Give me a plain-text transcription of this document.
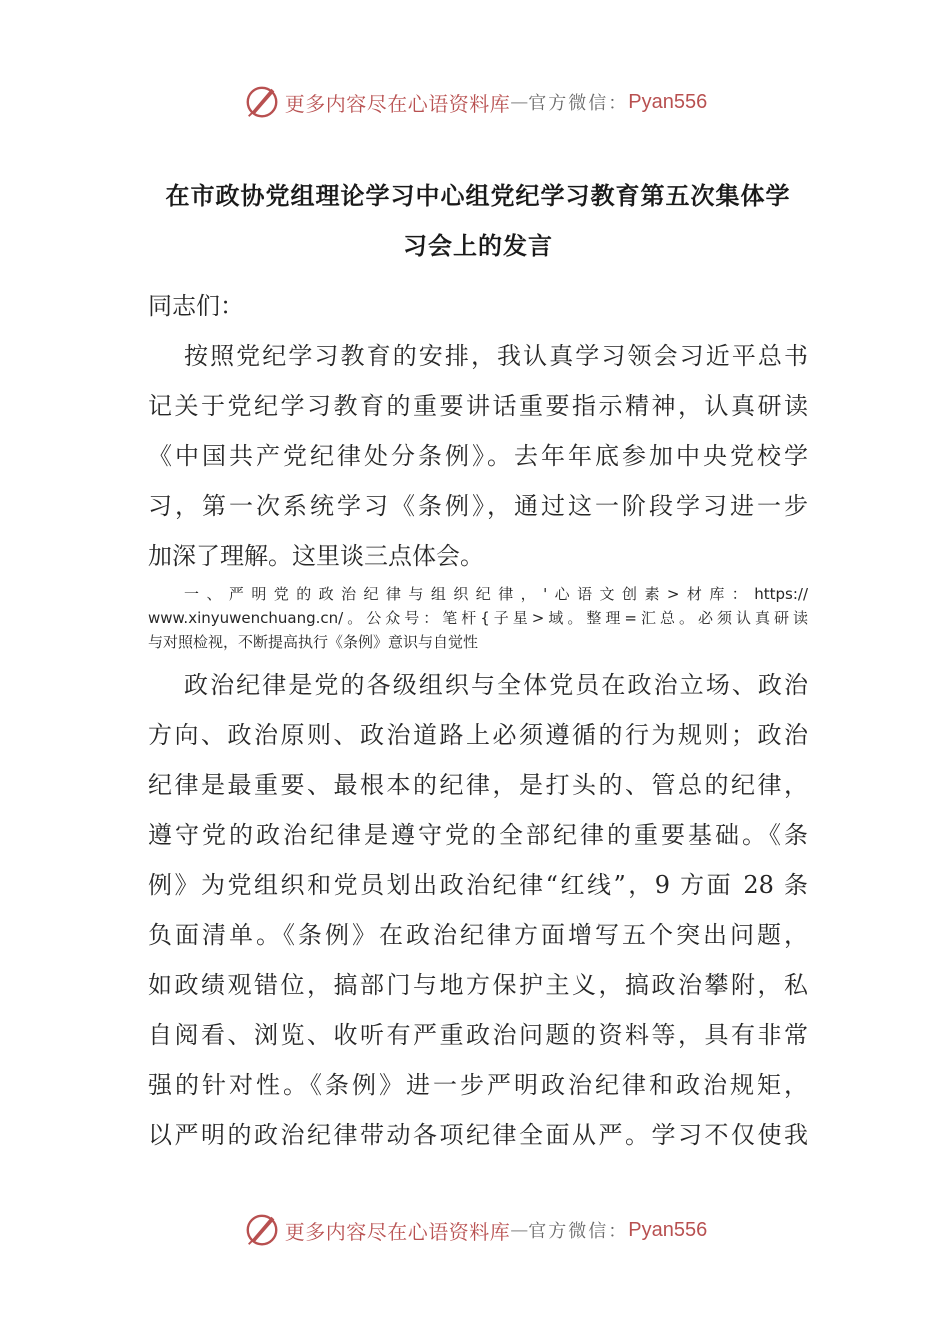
更多内容尽在心语资料库 — 官方微信： Pyan556
在市政协党组理论学习中心组党纪学习教育第五次集体学
习会上的发言
同志们：
按照党纪学习教育的安排，我认真学习领会习近平总书
记关于党纪学习教育的重要讲话重要指示精神，认真研读
《中国共产党纪律处分条例》。去年年底参加中央党校学
习，第一次系统学习《条例》，通过这一阶段学习进一步
加深了理解。这里谈三点体会。
一、严明党的政治纪律与组织纪律，'心语文创素>材库：https://
www.xinyuwenchuang.cn/。公众号：笔杆{子星>域。整理=汇总。必须认真研读
与对照检视，不断提高执行《条例》意识与自觉性
政治纪律是党的各级组织与全体党员在政治立场、政治
方向、政治原则、政治道路上必须遵循的行为规则；政治
纪律是最重要、最根本的纪律，是打头的、管总的纪律，
遵守党的政治纪律是遵守党的全部纪律的重要基础。《条
例》为党组织和党员划出政治纪律“红线”，9 方面 28 条
负面清单。《条例》在政治纪律方面增写五个突出问题，
如政绩观错位，搞部门与地方保护主义，搞政治攀附，私
自阅看、浏览、收听有严重政治问题的资料等，具有非常
强的针对性。《条例》进一步严明政治纪律和政治规矩，
以严明的政治纪律带动各项纪律全面从严。学习不仅使我
更多内容尽在心语资料库 — 官方微信： Pyan556
